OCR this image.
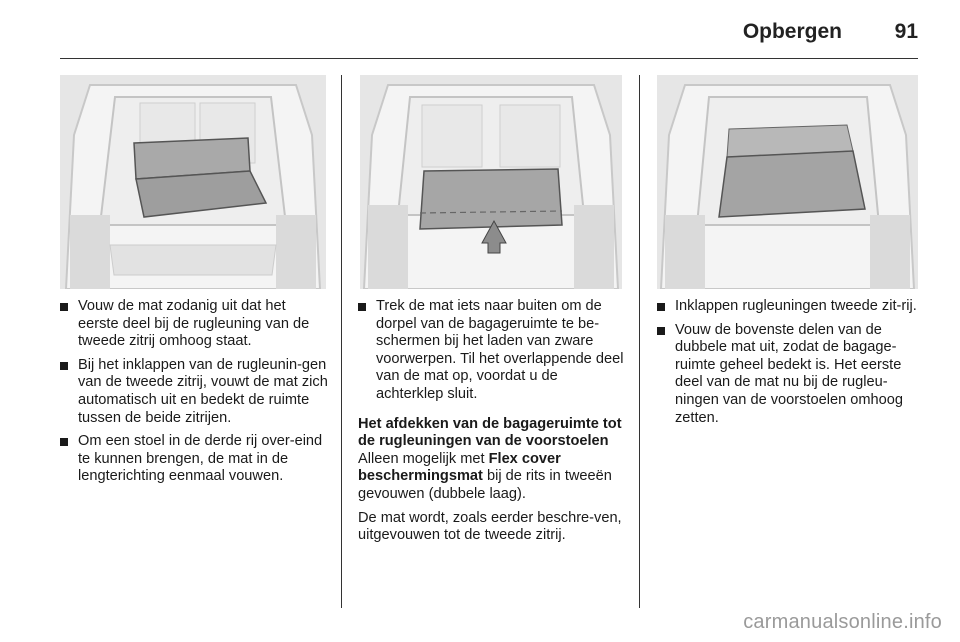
Opbergen	91
Vouw de mat zodanig uit dat het eerste deel bij de rugleuning van de tweede zitrij omhoog staat.
Bij het inklappen van de rugleunin-gen van de tweede zitrij, vouwt de mat zich automatisch uit en bedekt de ruimte tussen de beide zitrijen.
Om een stoel in de derde rij over-eind te kunnen brengen, de mat in de lengterichting eenmaal vouwen.
Trek de mat iets naar buiten om de dorpel van de bagageruimte te be-schermen bij het laden van zware voorwerpen. Til het overlappende deel van de mat op, voordat u de achterklep sluit.
Het afdekken van de bagageruimte tot de rugleuningen van de voorstoelen
Alleen mogelijk met Flex cover beschermingsmat bij de rits in tweeën gevouwen (dubbele laag).
De mat wordt, zoals eerder beschre-ven, uitgevouwen tot de tweede zitrij.
Inklappen rugleuningen tweede zit-rij.
Vouw de bovenste delen van de dubbele mat uit, zodat de bagage-ruimte geheel bedekt is. Het eerste deel van de mat nu bij de rugleu-ningen van de voorstoelen omhoog zetten.
carmanualsonline.info
